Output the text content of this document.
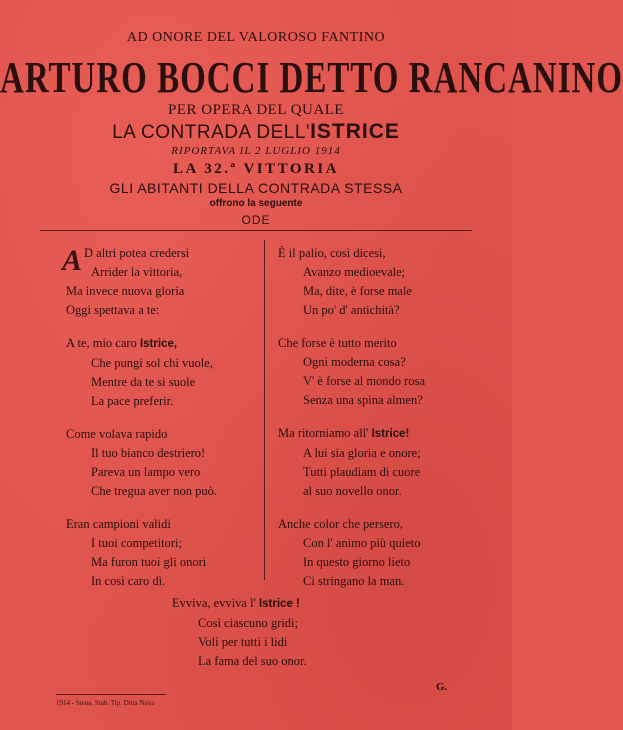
AD ONORE DEL VALOROSO FANTINO
ARTURO BOCCI DETTO RANCANINO
PER OPERA DEL QUALE
LA CONTRADA DELL'ISTRICE
RIPORTAVA IL 2 LUGLIO 1914
LA 32.ª VITTORIA
GLI ABITANTI DELLA CONTRADA STESSA
offrono la seguente
ODE
A D altri potea credersi
Arrider la vittoria,
Ma invece nuova gloria
Oggi spettava a te:
A te, mio caro Istrice,
Che pungi sol chi vuole,
Mentre da te si suole
La pace preferir.
Come volava rapido
Il tuo bianco destriero!
Pareva un lampo vero
Che tregua aver non può.
Eran campioni validi
I tuoi competitori;
Ma furon tuoi gli onori
In così caro dì.
È il palio, così dicesi,
Avanzo medioevale;
Ma, dite, è forse male
Un po' d' antichità?
Che forse è tutto merito
Ogni moderna cosa?
V' è forse al mondo rosa
Senza una spina almen?
Ma ritorniamo all' Istrice!
A lui sia gloria e onore;
Tutti plaudiam di cuore
al suo novello onor.
Anche color che persero,
Con l' animo più quieto
In questo giorno lieto
Ci stringano la man.
Evviva, evviva l' Istrice !
Così ciascuno gridi;
Voli per tutti i lidi
La fama del suo onor.
1914 - Siena, Stab. Tip. Ditta Nava
G.
